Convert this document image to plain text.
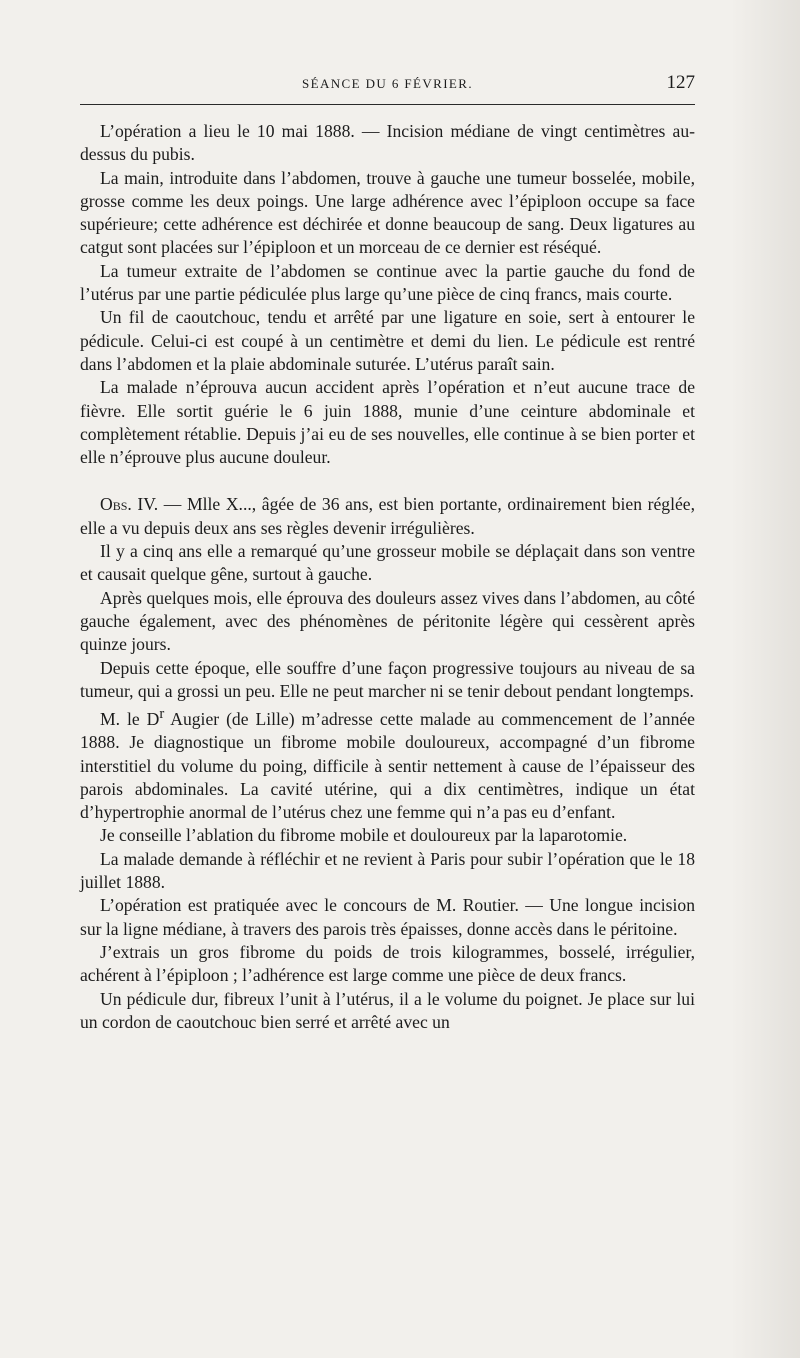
SÉANCE DU 6 FÉVRIER.	127

L’opération a lieu le 10 mai 1888. — Incision médiane de vingt centimètres au-dessus du pubis.

La main, introduite dans l’abdomen, trouve à gauche une tumeur bosselée, mobile, grosse comme les deux poings. Une large adhérence avec l’épiploon occupe sa face supérieure; cette adhérence est déchirée et donne beaucoup de sang. Deux ligatures au catgut sont placées sur l’épiploon et un morceau de ce dernier est réséqué.

La tumeur extraite de l’abdomen se continue avec la partie gauche du fond de l’utérus par une partie pédiculée plus large qu’une pièce de cinq francs, mais courte.

Un fil de caoutchouc, tendu et arrêté par une ligature en soie, sert à entourer le pédicule. Celui-ci est coupé à un centimètre et demi du lien. Le pédicule est rentré dans l’abdomen et la plaie abdominale suturée. L’utérus paraît sain.

La malade n’éprouva aucun accident après l’opération et n’eut aucune trace de fièvre. Elle sortit guérie le 6 juin 1888, munie d’une ceinture abdominale et complètement rétablie. Depuis j’ai eu de ses nouvelles, elle continue à se bien porter et elle n’éprouve plus aucune douleur.

Obs. IV. — Mlle X..., âgée de 36 ans, est bien portante, ordinairement bien réglée, elle a vu depuis deux ans ses règles devenir irrégulières.

Il y a cinq ans elle a remarqué qu’une grosseur mobile se déplaçait dans son ventre et causait quelque gêne, surtout à gauche.

Après quelques mois, elle éprouva des douleurs assez vives dans l’abdomen, au côté gauche également, avec des phénomènes de péritonite légère qui cessèrent après quinze jours.

Depuis cette époque, elle souffre d’une façon progressive toujours au niveau de sa tumeur, qui a grossi un peu. Elle ne peut marcher ni se tenir debout pendant longtemps.

M. le $D^r$ Augier (de Lille) m’adresse cette malade au commencement de l’année 1888. Je diagnostique un fibrome mobile douloureux, accompagné d’un fibrome interstitiel du volume du poing, difficile à sentir nettement à cause de l’épaisseur des parois abdominales. La cavité utérine, qui a dix centimètres, indique un état d’hypertrophie anormal de l’utérus chez une femme qui n’a pas eu d’enfant.

Je conseille l’ablation du fibrome mobile et douloureux par la laparotomie.

La malade demande à réfléchir et ne revient à Paris pour subir l’opération que le 18 juillet 1888.

L’opération est pratiquée avec le concours de M. Routier. — Une longue incision sur la ligne médiane, à travers des parois très épaisses, donne accès dans le péritoine.

J’extrais un gros fibrome du poids de trois kilogrammes, bosselé, irrégulier, achérent à l’épiploon ; l’adhérence est large comme une pièce de deux francs.

Un pédicule dur, fibreux l’unit à l’utérus, il a le volume du poignet. Je place sur lui un cordon de caoutchouc bien serré et arrêté avec un
